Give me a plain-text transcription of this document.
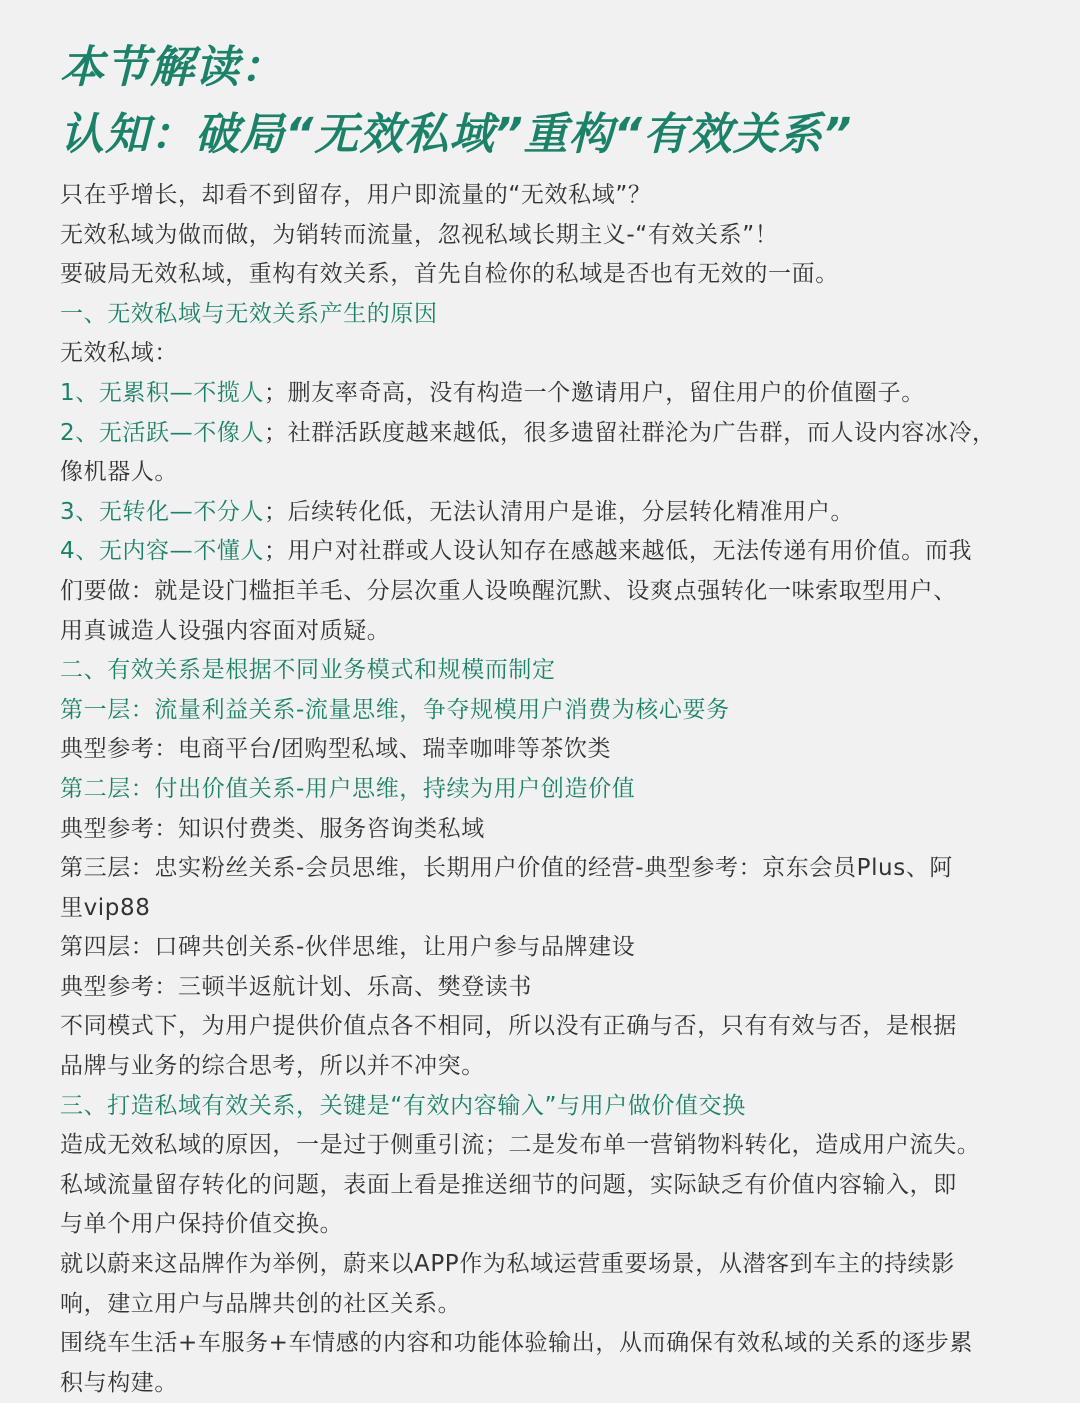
本节解读：
认知：破局“无效私域”重构“有效关系”
只在乎增长，却看不到留存，用户即流量的“无效私域”？
无效私域为做而做，为销转而流量，忽视私域长期主义-“有效关系”！
要破局无效私域，重构有效关系，首先自检你的私域是否也有无效的一面。
一、无效私域与无效关系产生的原因
无效私域：
1、无累积—不揽人；删友率奇高，没有构造一个邀请用户，留住用户的价值圈子。
2、无活跃—不像人；社群活跃度越来越低，很多遗留社群沦为广告群，而人设内容冰冷，
像机器人。
3、无转化—不分人；后续转化低，无法认清用户是谁，分层转化精准用户。
4、无内容—不懂人；用户对社群或人设认知存在感越来越低，无法传递有用价值。而我
们要做：就是设门槛拒羊毛、分层次重人设唤醒沉默、设爽点强转化一味索取型用户、
用真诚造人设强内容面对质疑。
二、有效关系是根据不同业务模式和规模而制定
第一层：流量利益关系-流量思维，争夺规模用户消费为核心要务
典型参考：电商平台/团购型私域、瑞幸咖啡等茶饮类
第二层：付出价值关系-用户思维，持续为用户创造价值
典型参考：知识付费类、服务咨询类私域
第三层：忠实粉丝关系-会员思维，长期用户价值的经营-典型参考：京东会员Plus、阿
里vip88
第四层：口碑共创关系-伙伴思维，让用户参与品牌建设
典型参考：三顿半返航计划、乐高、樊登读书
不同模式下，为用户提供价值点各不相同，所以没有正确与否，只有有效与否，是根据
品牌与业务的综合思考，所以并不冲突。
三、打造私域有效关系，关键是“有效内容输入”与用户做价值交换
造成无效私域的原因，一是过于侧重引流；二是发布单一营销物料转化，造成用户流失。
私域流量留存转化的问题，表面上看是推送细节的问题，实际缺乏有价值内容输入，即
与单个用户保持价值交换。
就以蔚来这品牌作为举例，蔚来以APP作为私域运营重要场景，从潜客到车主的持续影
响，建立用户与品牌共创的社区关系。
围绕车生活+车服务+车情感的内容和功能体验输出，从而确保有效私域的关系的逐步累
积与构建。
